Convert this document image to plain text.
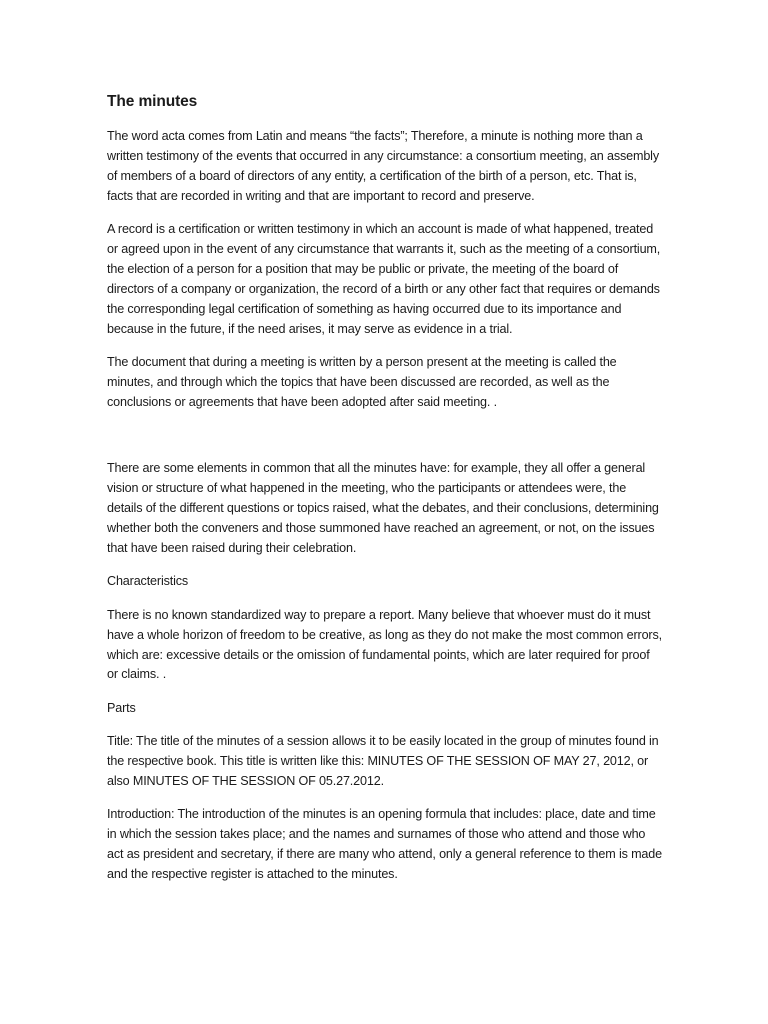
The minutes

The word acta comes from Latin and means “the facts”; Therefore, a minute is nothing more than a written testimony of the events that occurred in any circumstance: a consortium meeting, an assembly of members of a board of directors of any entity, a certification of the birth of a person, etc. That is, facts that are recorded in writing and that are important to record and preserve.

A record is a certification or written testimony in which an account is made of what happened, treated or agreed upon in the event of any circumstance that warrants it, such as the meeting of a consortium, the election of a person for a position that may be public or private, the meeting of the board of directors of a company or organization, the record of a birth or any other fact that requires or demands the corresponding legal certification of something as having occurred due to its importance and because in the future, if the need arises, it may serve as evidence in a trial.

The document that during a meeting is written by a person present at the meeting is called the minutes, and through which the topics that have been discussed are recorded, as well as the conclusions or agreements that have been adopted after said meeting. .

There are some elements in common that all the minutes have: for example, they all offer a general vision or structure of what happened in the meeting, who the participants or attendees were, the details of the different questions or topics raised, what the debates, and their conclusions, determining whether both the conveners and those summoned have reached an agreement, or not, on the issues that have been raised during their celebration.

Characteristics

There is no known standardized way to prepare a report. Many believe that whoever must do it must have a whole horizon of freedom to be creative, as long as they do not make the most common errors, which are: excessive details or the omission of fundamental points, which are later required for proof or claims. .

Parts

Title: The title of the minutes of a session allows it to be easily located in the group of minutes found in the respective book. This title is written like this: MINUTES OF THE SESSION OF MAY 27, 2012, or also MINUTES OF THE SESSION OF 05.27.2012.

Introduction: The introduction of the minutes is an opening formula that includes: place, date and time in which the session takes place; and the names and surnames of those who attend and those who act as president and secretary, if there are many who attend, only a general reference to them is made and the respective register is attached to the minutes.
